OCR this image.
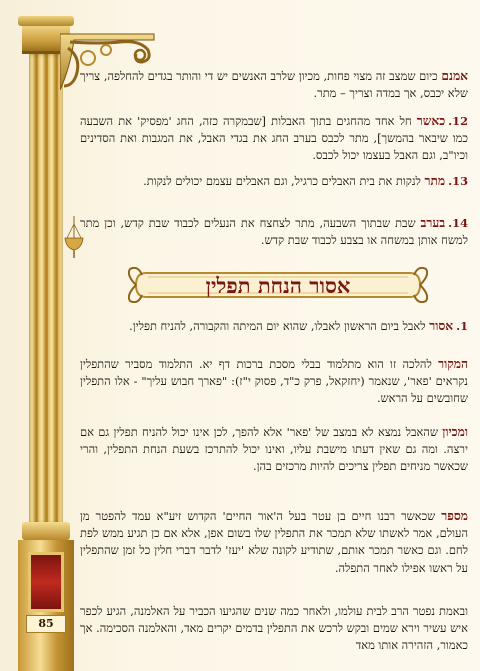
85

אמנם כיום שמצב זה מצוי פחות, מכיון שלרב האנשים יש די והותר בגדים להחלפה, צריך שלא יכבס, אך במדה וצריך – מתר.

12.כאשר חל אחד מהחגים בתוך האבלות [שבמקרה כזה, החג 'מפסיק' את השבעה כמו שיבאר בהמשך], מתר לכבס בערב החג את בגדי האבל, את המגבות ואת הסדינים וכיו"ב, וגם האבל בעצמו יכול לכבס.

13.מתר לנקות את בית האבלים כרגיל, וגם האבלים עצמם יכולים לנקות.

14.בערב שבת שבתוך השבעה, מתר לצחצח את הנעלים לכבוד שבת קדש, וכן מתר למשח אותן במשחה או בצבע לכבוד שבת קדש.

1.אסור לאבל ביום הראשון לאבלו, שהוא יום המיתה והקבורה, להניח תפלין.

המקור להלכה זו הוא מתלמוד בבלי מסכת ברכות דף יא. התלמוד מסביר שהתפלין נקראים 'פאר', שנאמר (יחזקאל, פרק כ"ד, פסוק י"ז): "פארך חבוש עליך" - אלו התפלין שחובשים על הראש.

ומכיון שהאבל נמצא לא במצב של 'פאר' אלא להפך, לכן אינו יכול להניח תפלין גם אם ירצה. ומה גם שאין דעתו מישבת עליו, ואינו יכול להתרכז בשעת הנחת התפלין, והרי שכאשר מניחים תפלין צריכים להיות מרכזים בהן.

מספר שכאשר רבנו חיים בן עטר בעל ה'אור החיים' הקדוש זיע"א עמד להפטר מן העולם, אמר לאשתו שלא תמכר את התפלין שלו בשום אפן, אלא אם כן תגיע ממש לפת לחם. וגם כאשר תמכר אותם, שתודיע לקונה שלא 'יעז' לדבר דברי חלין כל זמן שהתפלין על ראשו אפילו לאחר התפלה.

ובאמת נפטר הרב לבית עולמו, ולאחר כמה שנים שהגיעו הכביר על האלמנה, הגיע לכפר איש עשיר וירא שמים ובקש לרכש את התפלין בדמים יקרים מאד, והאלמנה הסכימה. אך כאמור, הזהירה אותו מאד

אסור הנחת תפלין
